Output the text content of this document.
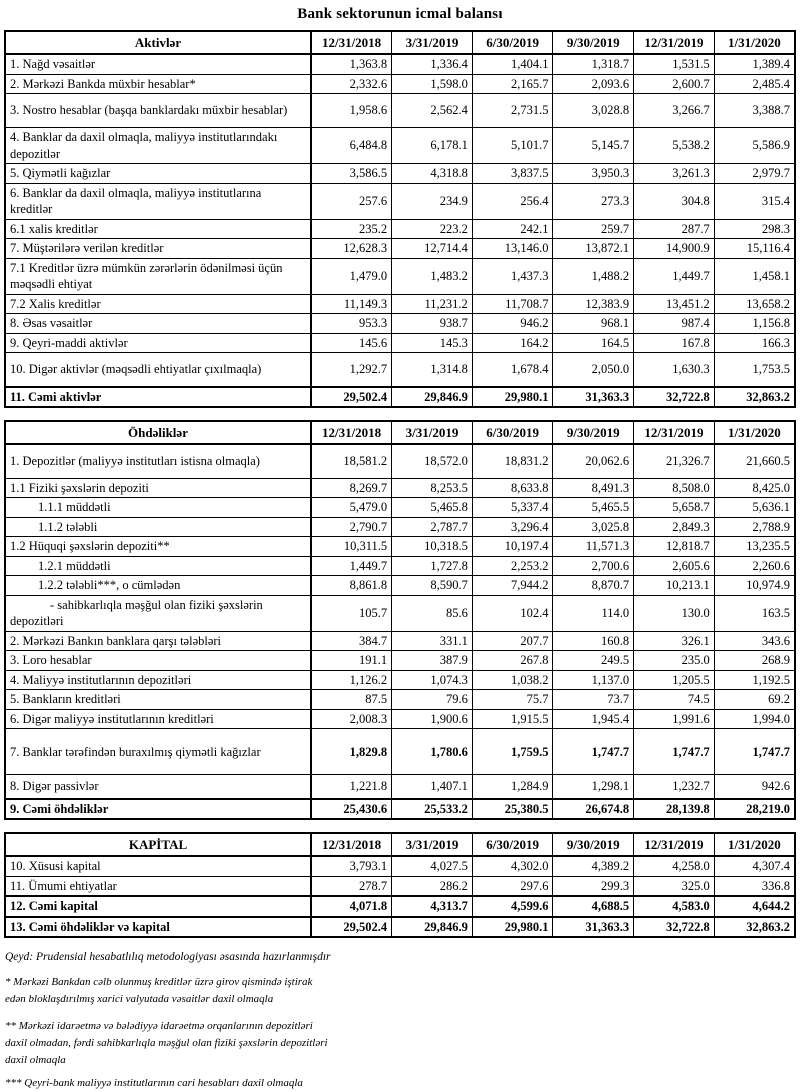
Bank sektorunun icmal balansı
Aktivlər	12/31/2018	3/31/2019	6/30/2019	9/30/2019	12/31/2019	1/31/2020
1. Nağd vəsaitlər	1,363.8	1,336.4	1,404.1	1,318.7	1,531.5	1,389.4
2. Mərkəzi Bankda müxbir hesablar*	2,332.6	1,598.0	2,165.7	2,093.6	2,600.7	2,485.4
3. Nostro hesablar (başqa banklardakı müxbir hesablar)	1,958.6	2,562.4	2,731.5	3,028.8	3,266.7	3,388.7
4. Banklar da daxil olmaqla, maliyyə institutlarındakı depozitlər	6,484.8	6,178.1	5,101.7	5,145.7	5,538.2	5,586.9
5. Qiymətli kağızlar	3,586.5	4,318.8	3,837.5	3,950.3	3,261.3	2,979.7
6. Banklar da daxil olmaqla, maliyyə institutlarına kreditlər	257.6	234.9	256.4	273.3	304.8	315.4
6.1 xalis kreditlər	235.2	223.2	242.1	259.7	287.7	298.3
7. Müştərilərə verilən kreditlər	12,628.3	12,714.4	13,146.0	13,872.1	14,900.9	15,116.4
7.1 Kreditlər üzrə mümkün zərərlərin ödənilməsi üçün məqsədli ehtiyat	1,479.0	1,483.2	1,437.3	1,488.2	1,449.7	1,458.1
7.2 Xalis kreditlər	11,149.3	11,231.2	11,708.7	12,383.9	13,451.2	13,658.2
8. Əsas vəsaitlər	953.3	938.7	946.2	968.1	987.4	1,156.8
9. Qeyri-maddi aktivlər	145.6	145.3	164.2	164.5	167.8	166.3
10. Digər aktivlər (məqsədli ehtiyatlar çıxılmaqla)	1,292.7	1,314.8	1,678.4	2,050.0	1,630.3	1,753.5
11. Cəmi aktivlər	29,502.4	29,846.9	29,980.1	31,363.3	32,722.8	32,863.2
Öhdəliklər	12/31/2018	3/31/2019	6/30/2019	9/30/2019	12/31/2019	1/31/2020
1. Depozitlər (maliyyə institutları istisna olmaqla)	18,581.2	18,572.0	18,831.2	20,062.6	21,326.7	21,660.5
1.1 Fiziki şəxslərin depoziti	8,269.7	8,253.5	8,633.8	8,491.3	8,508.0	8,425.0
1.1.1 müddətli	5,479.0	5,465.8	5,337.4	5,465.5	5,658.7	5,636.1
1.1.2 tələbli	2,790.7	2,787.7	3,296.4	3,025.8	2,849.3	2,788.9
1.2 Hüquqi şəxslərin depoziti**	10,311.5	10,318.5	10,197.4	11,571.3	12,818.7	13,235.5
1.2.1 müddətli	1,449.7	1,727.8	2,253.2	2,700.6	2,605.6	2,260.6
1.2.2 tələbli***, o cümlədən	8,861.8	8,590.7	7,944.2	8,870.7	10,213.1	10,974.9
- sahibkarlıqla məşğul olan fiziki şəxslərin depozitləri	105.7	85.6	102.4	114.0	130.0	163.5
2. Mərkəzi Bankın banklara qarşı tələbləri	384.7	331.1	207.7	160.8	326.1	343.6
3. Loro hesablar	191.1	387.9	267.8	249.5	235.0	268.9
4. Maliyyə institutlarının depozitləri	1,126.2	1,074.3	1,038.2	1,137.0	1,205.5	1,192.5
5. Bankların kreditləri	87.5	79.6	75.7	73.7	74.5	69.2
6. Digər maliyyə institutlarının kreditləri	2,008.3	1,900.6	1,915.5	1,945.4	1,991.6	1,994.0
7. Banklar tərəfindən buraxılmış qiymətli kağızlar	1,829.8	1,780.6	1,759.5	1,747.7	1,747.7	1,747.7
8. Digər passivlər	1,221.8	1,407.1	1,284.9	1,298.1	1,232.7	942.6
9. Cəmi öhdəliklər	25,430.6	25,533.2	25,380.5	26,674.8	28,139.8	28,219.0
KAPİTAL	12/31/2018	3/31/2019	6/30/2019	9/30/2019	12/31/2019	1/31/2020
10. Xüsusi kapital	3,793.1	4,027.5	4,302.0	4,389.2	4,258.0	4,307.4
11. Ümumi ehtiyatlar	278.7	286.2	297.6	299.3	325.0	336.8
12. Cəmi kapital	4,071.8	4,313.7	4,599.6	4,688.5	4,583.0	4,644.2
13. Cəmi öhdəliklər və kapital	29,502.4	29,846.9	29,980.1	31,363.3	32,722.8	32,863.2
Qeyd: Prudensial hesabatlılıq metodologiyası əsasında hazırlanmışdır
* Mərkəzi Bankdan cəlb olunmuş kreditlər üzrə girov qismində iştirak edən bloklaşdırılmış xarici valyutada vəsaitlər daxil olmaqla
** Mərkəzi idarəetmə və bələdiyyə idarəetmə orqanlarının depozitləri daxil olmadan, fərdi sahibkarlıqla məşğul olan fiziki şəxslərin depozitləri daxil olmaqla
*** Qeyri-bank maliyyə institutlarının cari hesabları daxil olmaqla
